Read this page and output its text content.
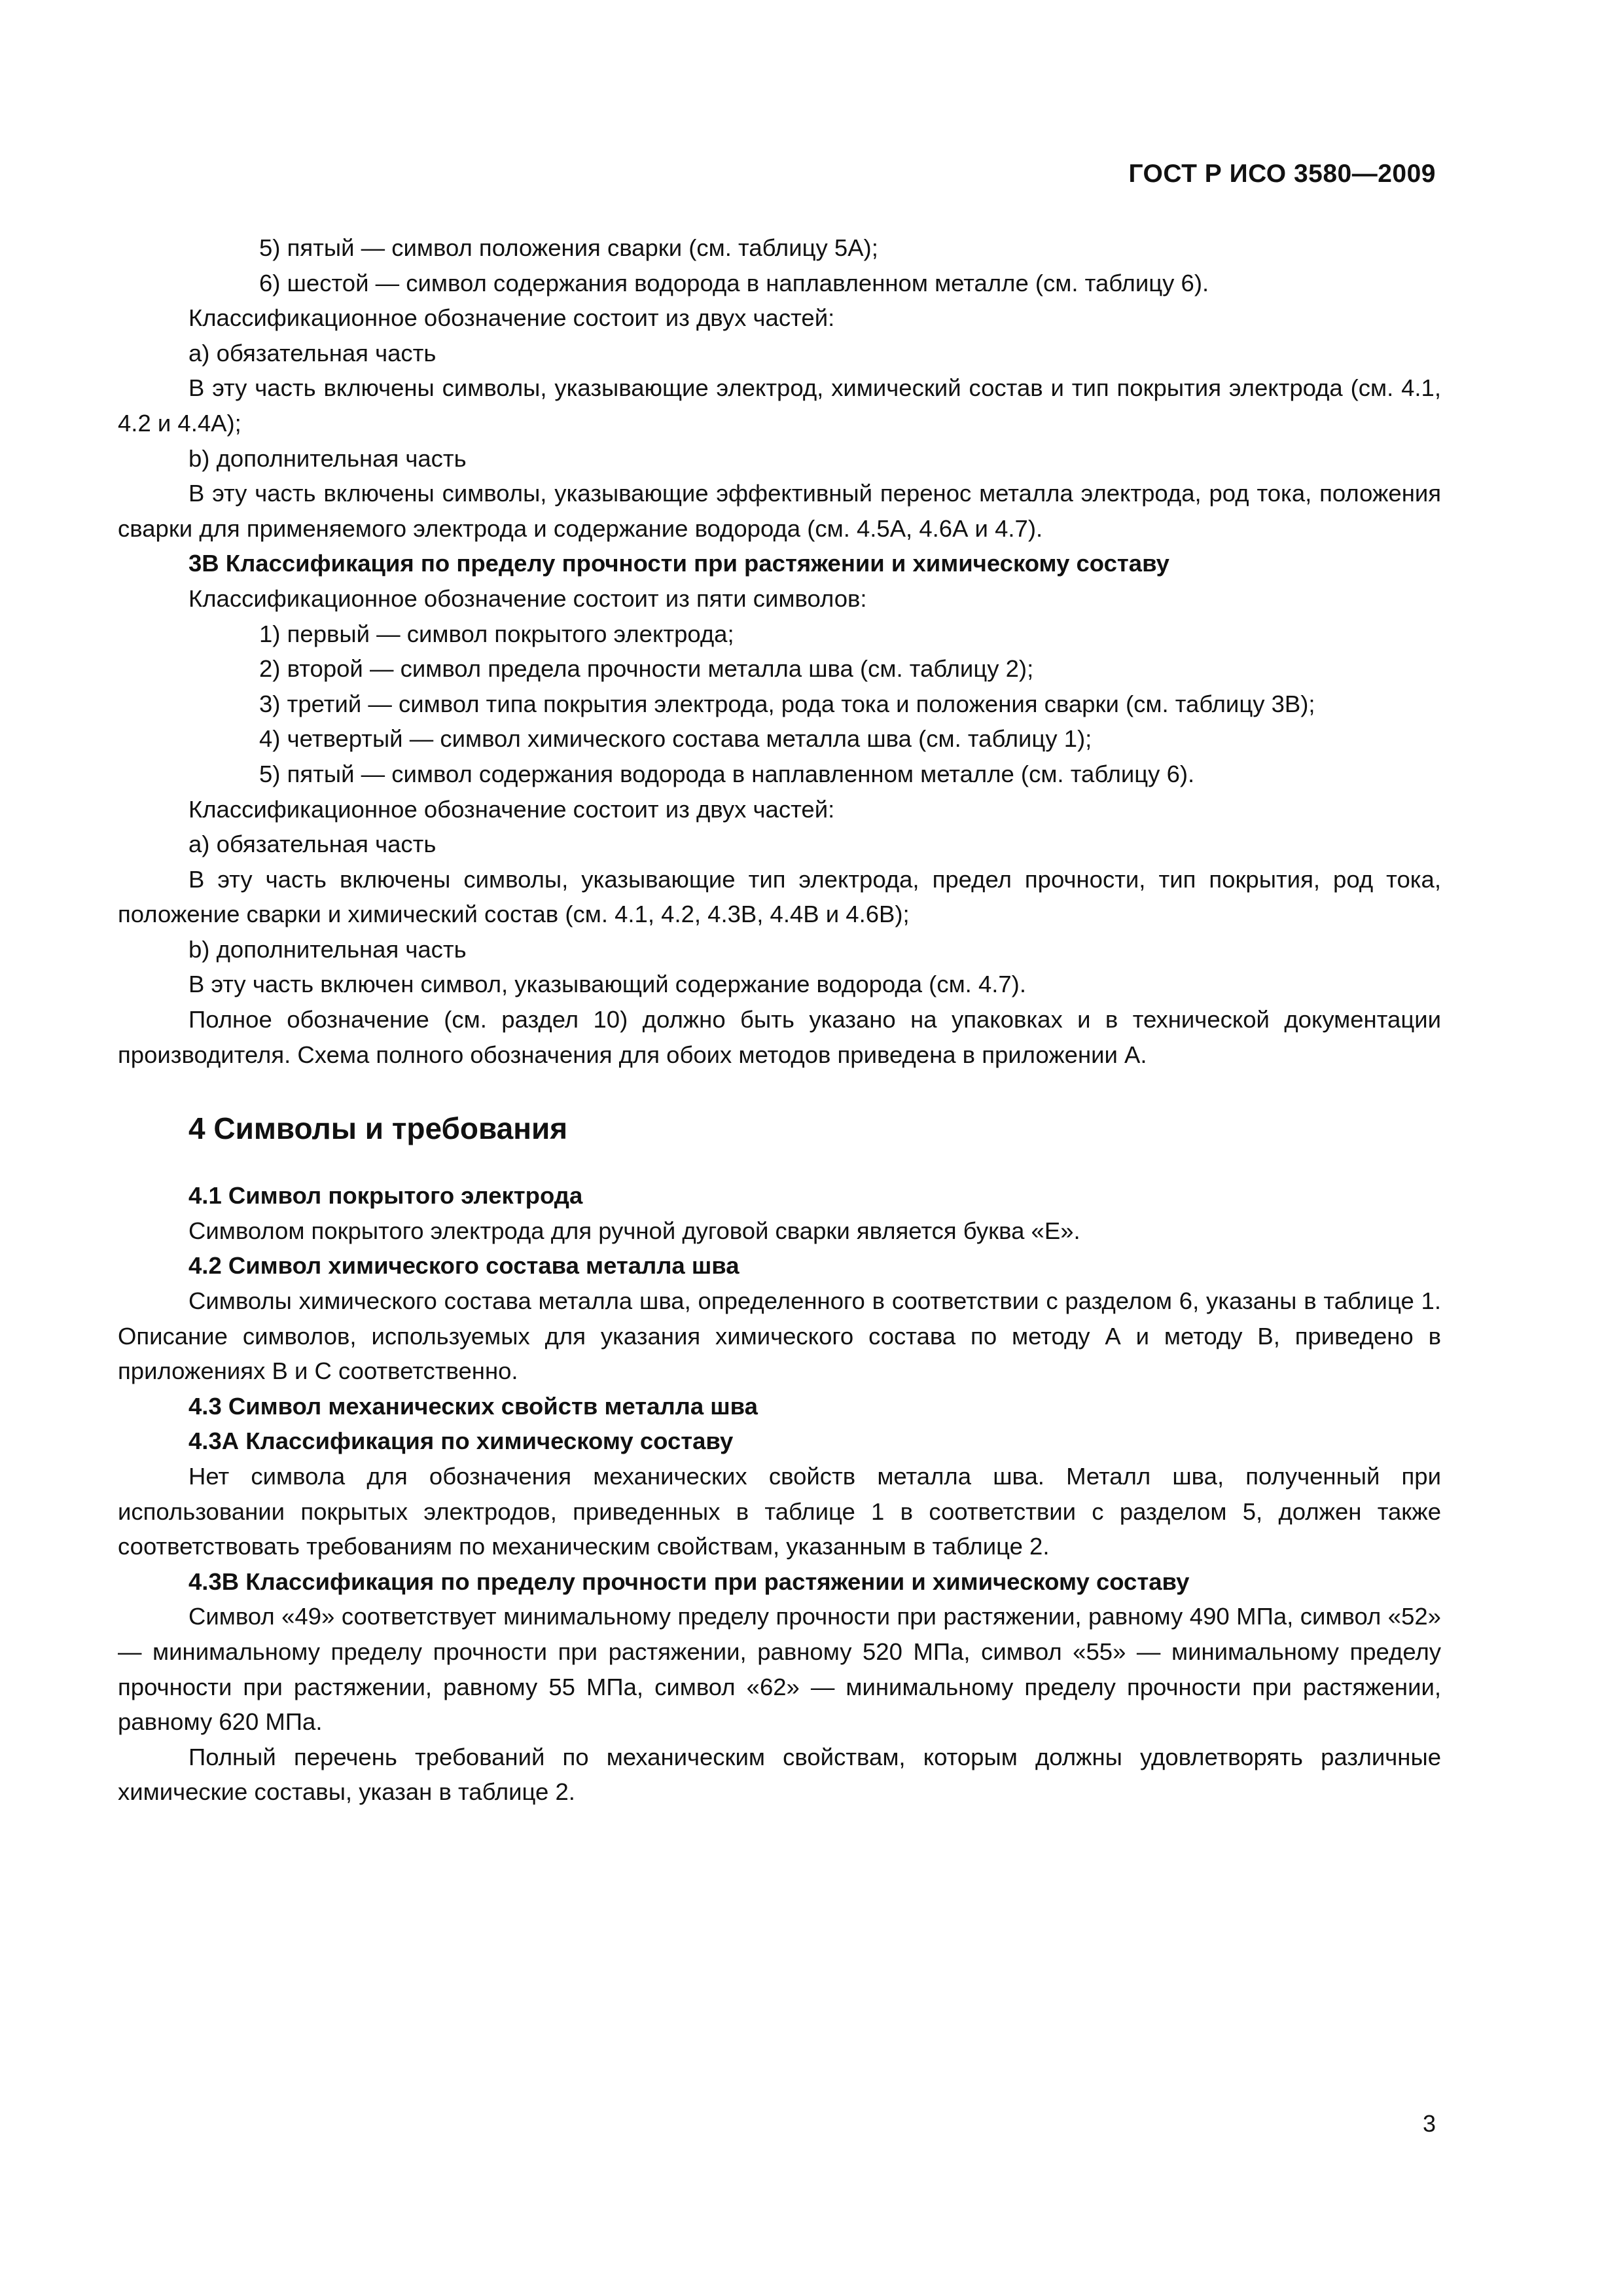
ГОСТ Р ИСО 3580—2009

5) пятый — символ положения сварки (см. таблицу 5А);

6) шестой — символ содержания водорода в наплавленном металле (см. таблицу 6).

Классификационное обозначение состоит из двух частей:

a) обязательная часть

В эту часть включены символы, указывающие электрод, химический состав и тип покрытия электрода (см. 4.1, 4.2 и 4.4А);

b) дополнительная часть

В эту часть включены символы, указывающие эффективный перенос металла электрода, род тока, положения сварки для применяемого электрода и содержание водорода (см. 4.5А, 4.6А и 4.7).

3В Классификация по пределу прочности при растяжении и химическому составу

Классификационное обозначение состоит из пяти символов:

1) первый — символ покрытого электрода;

2) второй — символ предела прочности металла шва (см. таблицу 2);

3) третий — символ типа покрытия электрода, рода тока и положения сварки (см. таблицу 3В);

4) четвертый — символ химического состава металла шва (см. таблицу 1);

5) пятый — символ содержания водорода в наплавленном металле (см. таблицу 6).

Классификационное обозначение состоит из двух частей:

a) обязательная часть

В эту часть включены символы, указывающие тип электрода, предел прочности, тип покрытия, род тока, положение сварки и химический состав (см. 4.1, 4.2, 4.3В, 4.4В и 4.6В);

b) дополнительная часть

В эту часть включен символ, указывающий содержание водорода (см. 4.7).

Полное обозначение (см. раздел 10) должно быть указано на упаковках и в технической документации производителя. Схема полного обозначения для обоих методов приведена в приложении А.

4 Символы и требования
4.1 Символ покрытого электрода

Символом покрытого электрода для ручной дуговой сварки является буква «Е».

4.2 Символ химического состава металла шва

Символы химического состава металла шва, определенного в соответствии с разделом 6, указаны в таблице 1. Описание символов, используемых для указания химического состава по методу А и методу В, приведено в приложениях В и С соответственно.

4.3 Символ механических свойств металла шва
4.3А Классификация по химическому составу

Нет символа для обозначения механических свойств металла шва. Металл шва, полученный при использовании покрытых электродов, приведенных в таблице 1 в соответствии с разделом 5, должен также соответствовать требованиям по механическим свойствам, указанным в таблице 2.

4.3В Классификация по пределу прочности при растяжении и химическому составу

Символ «49» соответствует минимальному пределу прочности при растяжении, равному 490 МПа, символ «52» — минимальному пределу прочности при растяжении, равному 520 МПа, символ «55» — минимальному пределу прочности при растяжении, равному 55 МПа, символ «62» — минимальному пределу прочности при растяжении, равному 620 МПа.

Полный перечень требований по механическим свойствам, которым должны удовлетворять различные химические составы, указан в таблице 2.

3
